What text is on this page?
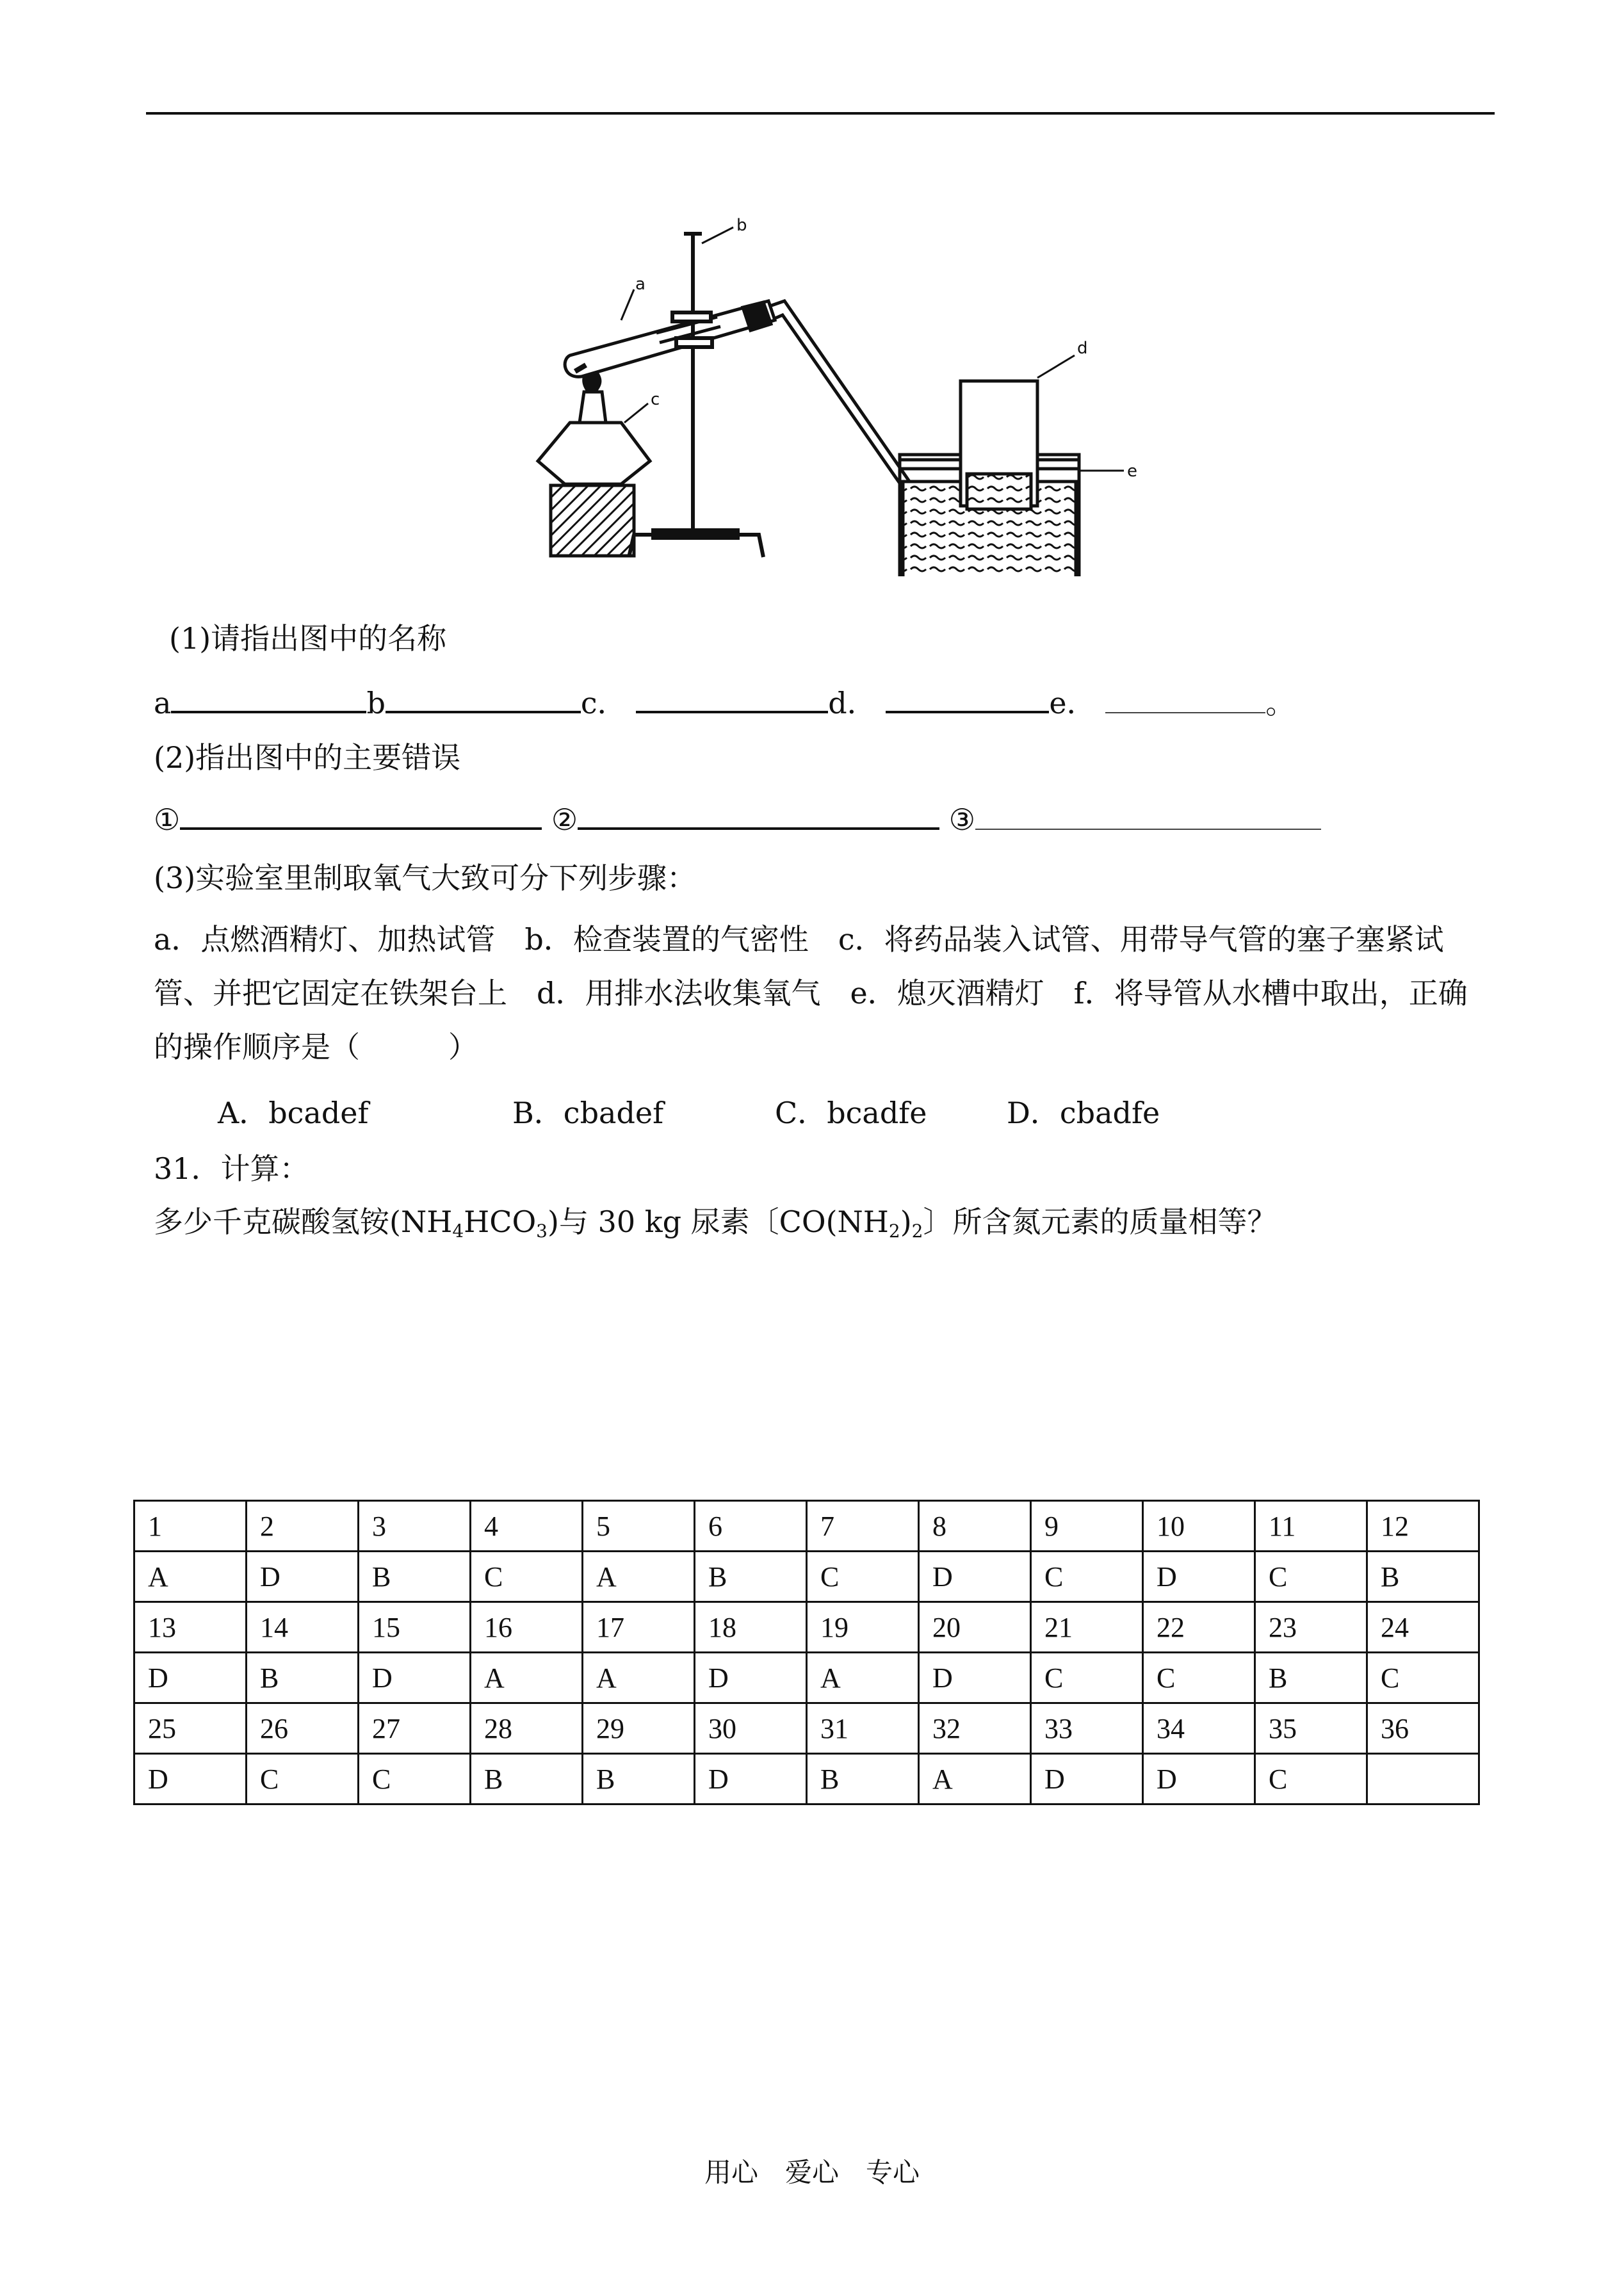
a
b
c
d
e
(1)请指出图中的名称
a	b	c．	d．	e．	。
(2)指出图中的主要错误
①	②	③
(3)实验室里制取氧气大致可分下列步骤：
a．点燃酒精灯、加热试管　b．检查装置的气密性　c．将药品装入试管、用带导气管的塞子塞紧试管、并把它固定在铁架台上　d．用排水法收集氧气　e．熄灭酒精灯　f．将导管从水槽中取出，正确的操作顺序是（　　　）
A．bcadef	B．cbadef	C．bcadfe	D．cbadfe
31．计算：
多少千克碳酸氢铵$(NH_4HCO_3)$与 30 kg 尿素〔$CO(NH_2)_2$〕所含氮元素的质量相等？
1	2	3	4	5	6	7	8	9	10	11	12
A	D	B	C	A	B	C	D	C	D	C	B
13	14	15	16	17	18	19	20	21	22	23	24
D	B	D	A	A	D	A	D	C	C	B	C
25	26	27	28	29	30	31	32	33	34	35	36
D	C	C	B	B	D	B	A	D	D	C	
用心　爱心　专心
